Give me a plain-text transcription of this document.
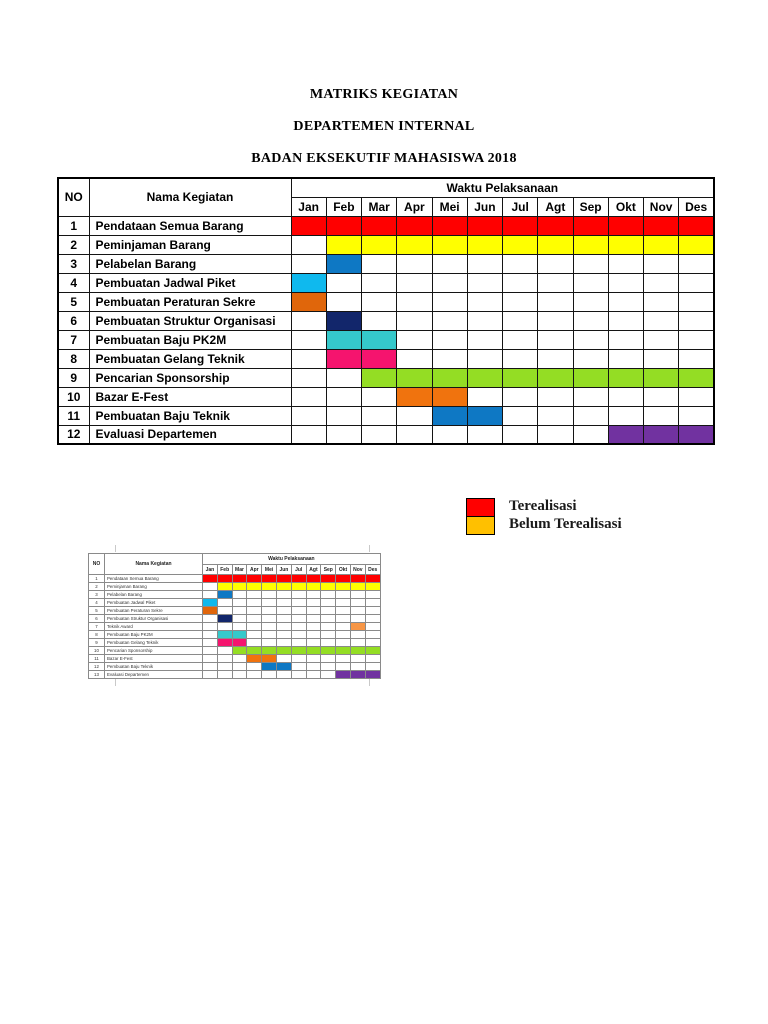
MATRIKS KEGIATAN
DEPARTEMEN INTERNAL
BADAN EKSEKUTIF MAHASISWA 2018
NO	Nama Kegiatan	Waktu Pelaksanaan											
		Jan	Feb	Mar	Apr	Mei	Jun	Jul	Agt	Sep	Okt	Nov	Des
1	Pendataan Semua Barang												
2	Peminjaman Barang												
3	Pelabelan Barang												
4	Pembuatan Jadwal Piket												
5	Pembuatan Peraturan Sekre												
6	Pembuatan Struktur Organisasi												
7	Pembuatan Baju PK2M												
8	Pembuatan Gelang Teknik												
9	Pencarian Sponsorship												
10	Bazar E-Fest												
11	Pembuatan Baju Teknik												
12	Evaluasi Departemen												
Terealisasi
Belum Terealisasi
NO	Nama Kegiatan	Waktu Pelaksanaan											
		Jan	Feb	Mar	Apr	Mei	Jun	Jul	Agt	Sep	Okt	Nov	Des
1	Pendataan Semua Barang												
2	Peminjaman Barang												
3	Pelabelan Barang												
4	Pembuatan Jadwal Piket												
5	Pembuatan Peraturan Sekre												
6	Pembuatan Struktur Organisasi												
7	Teknik Award												
8	Pembuatan Baju PK2M												
9	Pembuatan Gelang Teknik												
10	Pencarian Sponsorship												
11	Bazar E-Fest												
12	Pembuatan Baju Teknik												
13	Evaluasi Departemen												
